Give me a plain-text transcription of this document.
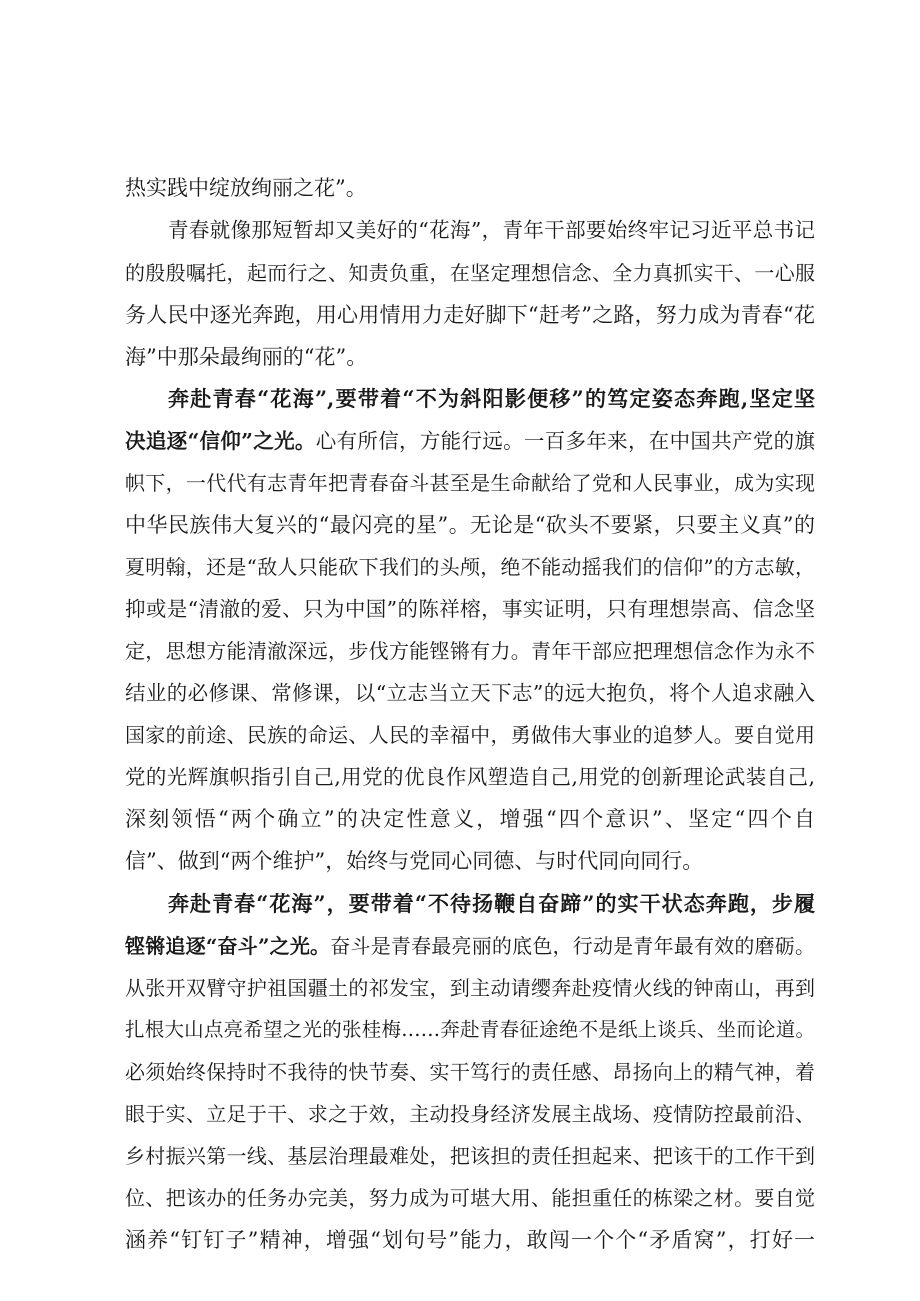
热实践中绽放绚丽之花”。
青春就像那短暂却又美好的“花海”，青年干部要始终牢记习近平总书记
的殷殷嘱托，起而行之、知责负重，在坚定理想信念、全力真抓实干、一心服
务人民中逐光奔跑，用心用情用力走好脚下“赶考”之路，努力成为青春“花
海”中那朵最绚丽的“花”。
奔赴青春“花海”,要带着“不为斜阳影便移”的笃定姿态奔跑,坚定坚
决追逐“信仰”之光。心有所信，方能行远。一百多年来，在中国共产党的旗
帜下，一代代有志青年把青春奋斗甚至是生命献给了党和人民事业，成为实现
中华民族伟大复兴的“最闪亮的星”。无论是“砍头不要紧，只要主义真”的
夏明翰，还是“敌人只能砍下我们的头颅，绝不能动摇我们的信仰”的方志敏，
抑或是“清澈的爱、只为中国”的陈祥榕，事实证明，只有理想崇高、信念坚
定，思想方能清澈深远，步伐方能铿锵有力。青年干部应把理想信念作为永不
结业的必修课、常修课，以“立志当立天下志”的远大抱负，将个人追求融入
国家的前途、民族的命运、人民的幸福中，勇做伟大事业的追梦人。要自觉用
党的光辉旗帜指引自己,用党的优良作风塑造自己,用党的创新理论武装自己,
深刻领悟“两个确立”的决定性意义，增强“四个意识”、坚定“四个自
信”、做到“两个维护”，始终与党同心同德、与时代同向同行。
奔赴青春“花海”，要带着“不待扬鞭自奋蹄”的实干状态奔跑，步履
铿锵追逐“奋斗”之光。奋斗是青春最亮丽的底色，行动是青年最有效的磨砺。
从张开双臂守护祖国疆土的祁发宝，到主动请缨奔赴疫情火线的钟南山，再到
扎根大山点亮希望之光的张桂梅……奔赴青春征途绝不是纸上谈兵、坐而论道。
必须始终保持时不我待的快节奏、实干笃行的责任感、昂扬向上的精气神，着
眼于实、立足于干、求之于效，主动投身经济发展主战场、疫情防控最前沿、
乡村振兴第一线、基层治理最难处，把该担的责任担起来、把该干的工作干到
位、把该办的任务办完美，努力成为可堪大用、能担重任的栋梁之材。要自觉
涵养“钉钉子”精神，增强“划句号”能力，敢闯一个个“矛盾窝”，打好一
